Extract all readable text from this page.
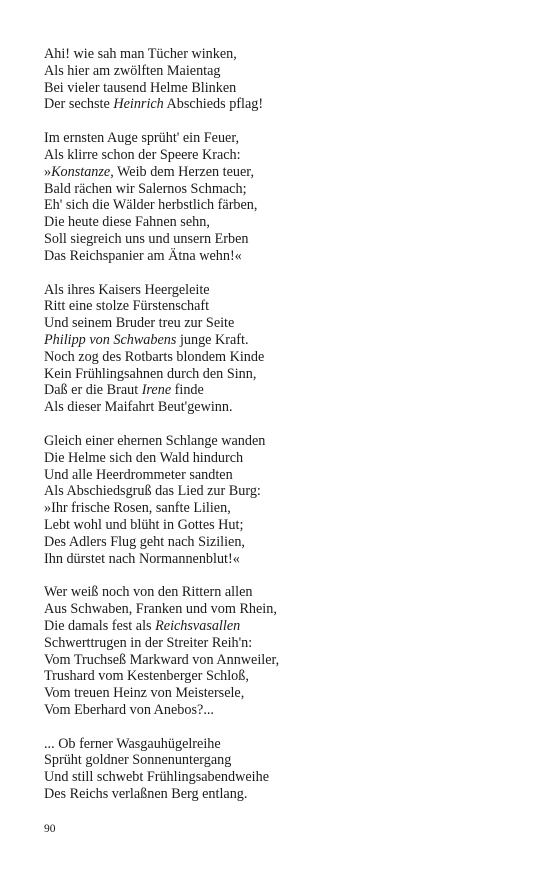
Ahi! wie sah man Tücher winken,
Als hier am zwölften Maientag
Bei vieler tausend Helme Blinken
Der sechste Heinrich Abschieds pflag!
Im ernsten Auge sprüht' ein Feuer,
Als klirre schon der Speere Krach:
»Konstanze, Weib dem Herzen teuer,
Bald rächen wir Salernos Schmach;
Eh' sich die Wälder herbstlich färben,
Die heute diese Fahnen sehn,
Soll siegreich uns und unsern Erben
Das Reichspanier am Ätna wehn!«
Als ihres Kaisers Heergeleite
Ritt eine stolze Fürstenschaft
Und seinem Bruder treu zur Seite
Philipp von Schwabens junge Kraft.
Noch zog des Rotbarts blondem Kinde
Kein Frühlingsahnen durch den Sinn,
Daß er die Braut Irene finde
Als dieser Maifahrt Beut'gewinn.
Gleich einer ehernen Schlange wanden
Die Helme sich den Wald hindurch
Und alle Heerdrommeter sandten
Als Abschiedsgruß das Lied zur Burg:
»Ihr frische Rosen, sanfte Lilien,
Lebt wohl und blüht in Gottes Hut;
Des Adlers Flug geht nach Sizilien,
Ihn dürstet nach Normannenblut!«
Wer weiß noch von den Rittern allen
Aus Schwaben, Franken und vom Rhein,
Die damals fest als Reichsvasallen
Schwerttrugen in der Streiter Reih'n:
Vom Truchseß Markward von Annweiler,
Trushard vom Kestenberger Schloß,
Vom treuen Heinz von Meistersele,
Vom Eberhard von Anebos?...
... Ob ferner Wasgauhügelreihe
Sprüht goldner Sonnenuntergang
Und still schwebt Frühlingsabendweihe
Des Reichs verlaßnen Berg entlang.
90
